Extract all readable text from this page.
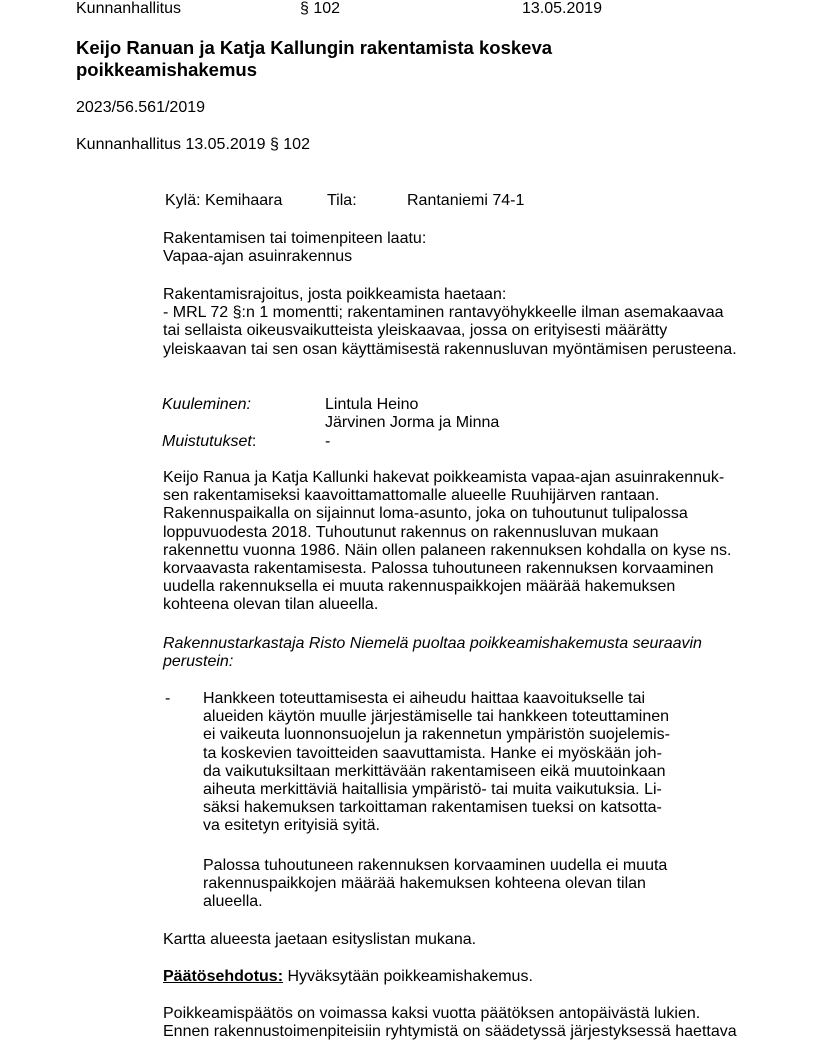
Kunnanhallitus	§ 102	13.05.2019
Keijo Ranuan ja Katja Kallungin rakentamista koskeva
poikkeamishakemus
2023/56.561/2019
Kunnanhallitus 13.05.2019 § 102
Kylä: Kemihaara	Tila:	Rantaniemi 74-1
Rakentamisen tai toimenpiteen laatu:
Vapaa-ajan asuinrakennus
Rakentamisrajoitus, josta poikkeamista haetaan:
- MRL 72 §:n 1 momentti; rakentaminen rantavyöhykkeelle ilman asemakaavaa
tai sellaista oikeusvaikutteista yleiskaavaa, jossa on erityisesti määrätty
yleiskaavan tai sen osan käyttämisestä rakennusluvan myöntämisen perusteena.
Kuuleminen:	Lintula Heino
Järvinen Jorma ja Minna
Muistutukset:	-
Keijo Ranua ja Katja Kallunki hakevat poikkeamista vapaa-ajan asuinrakennuk-
sen rakentamiseksi kaavoittamattomalle alueelle Ruuhijärven rantaan.
Rakennuspaikalla on sijainnut loma-asunto, joka on tuhoutunut tulipalossa
loppuvuodesta 2018. Tuhoutunut rakennus on rakennusluvan mukaan
rakennettu vuonna 1986. Näin ollen palaneen rakennuksen kohdalla on kyse ns.
korvaavasta rakentamisesta. Palossa tuhoutuneen rakennuksen korvaaminen
uudella rakennuksella ei muuta rakennuspaikkojen määrää hakemuksen
kohteena olevan tilan alueella.
Rakennustarkastaja Risto Niemelä puoltaa poikkeamishakemusta seuraavin
perustein:
- Hankkeen toteuttamisesta ei aiheudu haittaa kaavoitukselle tai
alueiden käytön muulle järjestämiselle tai hankkeen toteuttaminen
ei vaikeuta luonnonsuojelun ja rakennetun ympäristön suojelemis-
ta koskevien tavoitteiden saavuttamista. Hanke ei myöskään joh-
da vaikutuksiltaan merkittävään rakentamiseen eikä muutoinkaan
aiheuta merkittäviä haitallisia ympäristö- tai muita vaikutuksia. Li-
säksi hakemuksen tarkoittaman rakentamisen tueksi on katsotta-
va esitetyn erityisiä syitä.
Palossa tuhoutuneen rakennuksen korvaaminen uudella ei muuta
rakennuspaikkojen määrää hakemuksen kohteena olevan tilan
alueella.
Kartta alueesta jaetaan esityslistan mukana.
Päätösehdotus: Hyväksytään poikkeamishakemus.
Poikkeamispäätös on voimassa kaksi vuotta päätöksen antopäivästä lukien.
Ennen rakennustoimenpiteisiin ryhtymistä on säädetyssä järjestyksessä haettava
